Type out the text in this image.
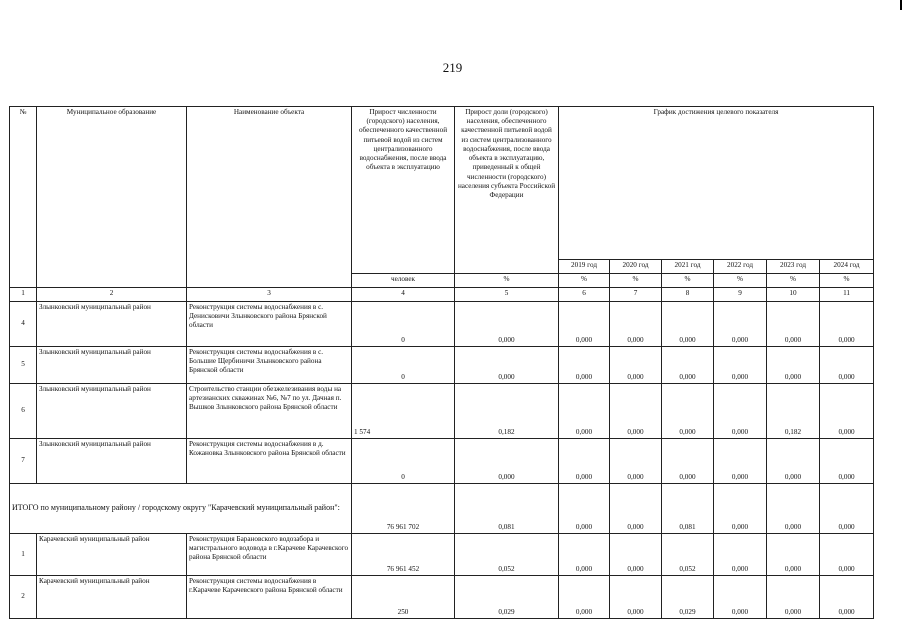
219
№	Муниципальное образование	Наименование объекта	Прирост численности (городского) населения, обеспеченного качественной питьевой водой из систем централизованного водоснабжения, после ввода объекта в эксплуатацию	Прирост доли (городского) населения, обеспеченного качественной питьевой водой из систем централизованного водоснабжения, после ввода объекта в эксплуатацию, приведенный к общей численности (городского) населения субъекта Российской Федерации	График достижения целевого показателя					
					2019 год	2020 год	2021 год	2022 год	2023 год	2024 год
			человек	%	%	%	%	%	%	%
1	2	3	4	5	6	7	8	9	10	11
4	Злынковский муниципальный район	Реконструкция системы водоснабжения в с. Денисковичи Злынковского района Брянской области	0	0,000	0,000	0,000	0,000	0,000	0,000	0,000
5	Злынковский муниципальный район	Реконструкция системы водоснабжения в с. Большие Щербиничи Злынковского района Брянской области	0	0,000	0,000	0,000	0,000	0,000	0,000	0,000
6	Злынковский муниципальный район	Строительство станции обезжелезивания воды на артезианских скважинах №6, №7 по ул. Дачная п. Вышков Злынковского района Брянской области	1 574	0,182	0,000	0,000	0,000	0,000	0,182	0,000
7	Злынковский муниципальный район	Реконструкция системы водоснабжения в д. Кожановка Злынковского района Брянской области	0	0,000	0,000	0,000	0,000	0,000	0,000	0,000
ИТОГО по муниципальному району / городскому округу "Карачевский муниципальный район":			76 961 702	0,081	0,000	0,000	0,081	0,000	0,000	0,000
1	Карачевский муниципальный район	Реконструкция Барановского водозабора и магистрального водовода в г.Карачеве Карачевского района Брянской области	76 961 452	0,052	0,000	0,000	0,052	0,000	0,000	0,000
2	Карачевский муниципальный район	Реконструкция системы водоснабжения в г.Карачеве Карачевского района Брянской области	250	0,029	0,000	0,000	0,029	0,000	0,000	0,000
